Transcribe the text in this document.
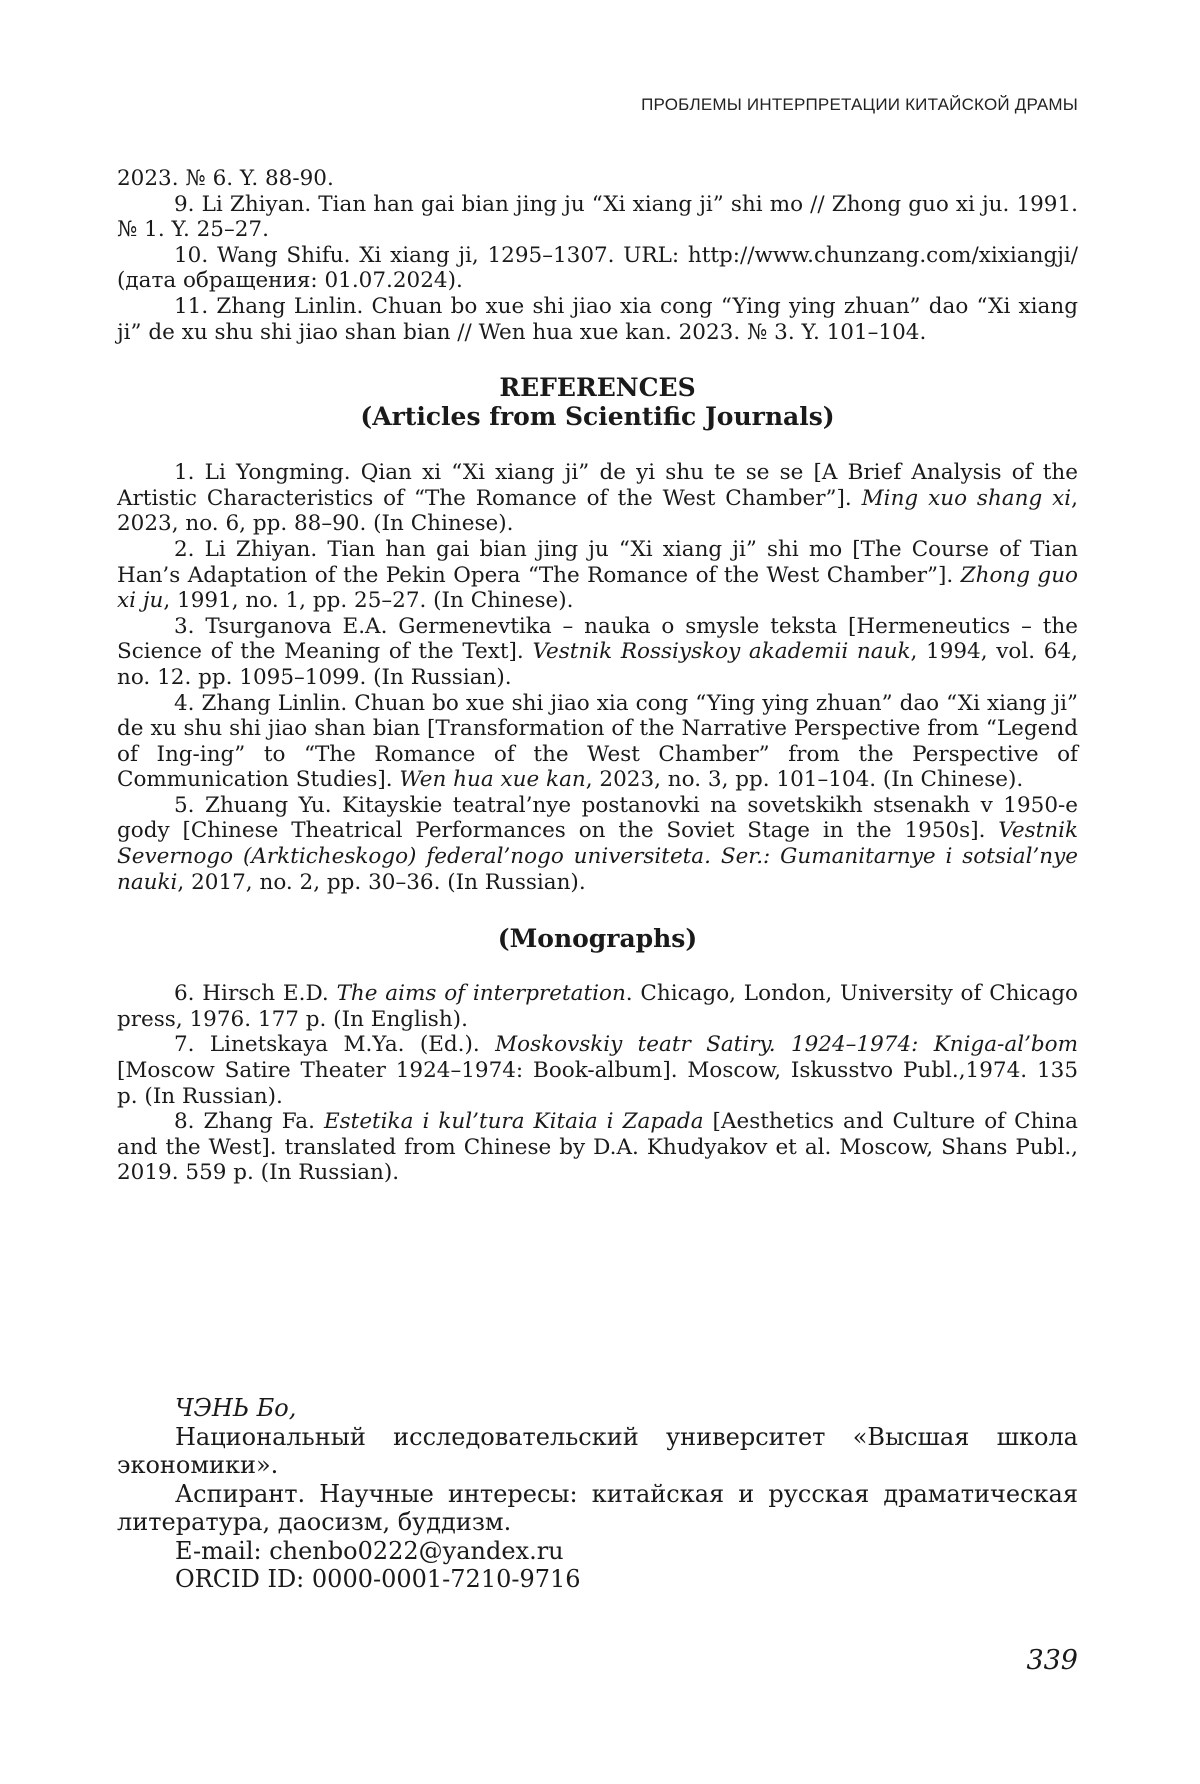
ПРОБЛЕМЫ ИНТЕРПРЕТАЦИИ КИТАЙСКОЙ ДРАМЫ

2023. № 6. Y. 88-90.

9. Li Zhiyan. Tian han gai bian jing ju “Xi xiang ji” shi mo // Zhong guo xi ju. 1991. № 1. Y. 25–27.

10. Wang Shifu. Xi xiang ji, 1295–1307. URL: http://www.chunzang.com/xixiangji/ (дата обращения: 01.07.2024).

11. Zhang Linlin. Chuan bo xue shi jiao xia cong “Ying ying zhuan” dao “Xi xiang ji” de xu shu shi jiao shan bian // Wen hua xue kan. 2023. № 3. Y. 101–104.

REFERENCES

(Articles from Scientific Journals)

1. Li Yongming. Qian xi “Xi xiang ji” de yi shu te se se [A Brief Analysis of the Artistic Characteristics of “The Romance of the West Chamber”]. Ming xuo shang xi, 2023, no. 6, pp. 88–90. (In Chinese).

2. Li Zhiyan. Tian han gai bian jing ju “Xi xiang ji” shi mo [The Course of Tian Han’s Adaptation of the Pekin Opera “The Romance of the West Chamber”]. Zhong guo xi ju, 1991, no. 1, pp. 25–27. (In Chinese).

3. Tsurganova E.A. Germenevtika – nauka o smysle teksta [Hermeneutics – the Science of the Meaning of the Text]. Vestnik Rossiyskoy akademii nauk, 1994, vol. 64, no. 12. pp. 1095–1099. (In Russian).

4. Zhang Linlin. Chuan bo xue shi jiao xia cong “Ying ying zhuan” dao “Xi xiang ji” de xu shu shi jiao shan bian [Transformation of the Narrative Perspective from “Legend of Ing-ing” to “The Romance of the West Chamber” from the Perspective of Communication Studies]. Wen hua xue kan, 2023, no. 3, pp. 101–104. (In Chinese).

5. Zhuang Yu. Kitayskie teatral’nye postanovki na sovetskikh stsenakh v 1950-e gody [Chinese Theatrical Performances on the Soviet Stage in the 1950s]. Vestnik Severnogo (Arkticheskogo) federal’nogo universiteta. Ser.: Gumanitarnye i sotsial’nye nauki, 2017, no. 2, pp. 30–36. (In Russian).

(Monographs)

6. Hirsch E.D. The aims of interpretation. Chicago, London, University of Chicago press, 1976. 177 p. (In English).

7. Linetskaya M.Ya. (Ed.). Moskovskiy teatr Satiry. 1924–1974: Kniga-al’bom [Moscow Satire Theater 1924–1974: Book-album]. Moscow, Iskusstvo Publ.,1974. 135 p. (In Russian).

8. Zhang Fa. Estetika i kul’tura Kitaia i Zapada [Aesthetics and Culture of China and the West]. translated from Chinese by D.A. Khudyakov et al. Moscow, Shans Publ., 2019. 559 p. (In Russian).

ЧЭНЬ Бо,

Национальный исследовательский университет «Высшая школа экономики».

Аспирант. Научные интересы: китайская и русская драматическая литература, даосизм, буддизм.

E-mail: chenbo0222@yandex.ru

ORCID ID: 0000-0001-7210-9716

339
